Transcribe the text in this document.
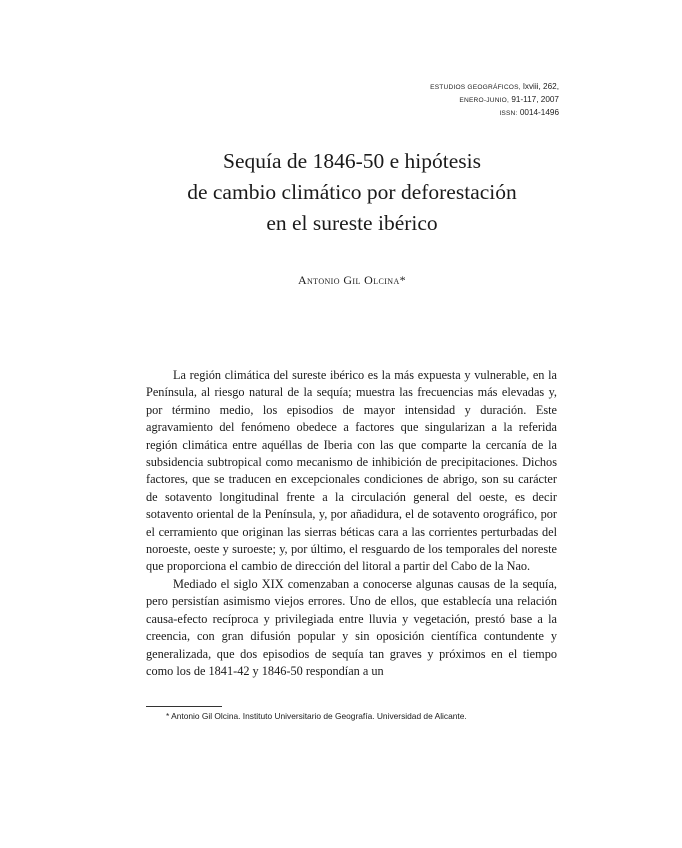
ESTUDIOS GEOGRÁFICOS, lxviii, 262,
ENERO-JUNIO, 91-117, 2007
ISSN: 0014-1496
Sequía de 1846-50 e hipótesis
de cambio climático por deforestación
en el sureste ibérico
Antonio Gil Olcina*

La región climática del sureste ibérico es la más expuesta y vulnerable, en la Península, al riesgo natural de la sequía; muestra las frecuencias más elevadas y, por término medio, los episodios de mayor intensidad y duración. Este agravamiento del fenómeno obedece a factores que singularizan a la referida región climática entre aquéllas de Iberia con las que comparte la cercanía de la subsidencia subtropical como mecanismo de inhibición de precipitaciones. Dichos factores, que se traducen en excepcionales condiciones de abrigo, son su carácter de sotavento longitudinal frente a la circulación general del oeste, es decir sotavento oriental de la Península, y, por añadidura, el de sotavento orográfico, por el cerramiento que originan las sierras béticas cara a las corrientes perturbadas del noroeste, oeste y suroeste; y, por último, el resguardo de los temporales del noreste que proporciona el cambio de dirección del litoral a partir del Cabo de la Nao.

Mediado el siglo XIX comenzaban a conocerse algunas causas de la sequía, pero persistían asimismo viejos errores. Uno de ellos, que establecía una relación causa-efecto recíproca y privilegiada entre lluvia y vegetación, prestó base a la creencia, con gran difusión popular y sin oposición científica contundente y generalizada, que dos episodios de sequía tan graves y próximos en el tiempo como los de 1841-42 y 1846-50 respondían a un

* Antonio Gil Olcina. Instituto Universitario de Geografía. Universidad de Alicante.
